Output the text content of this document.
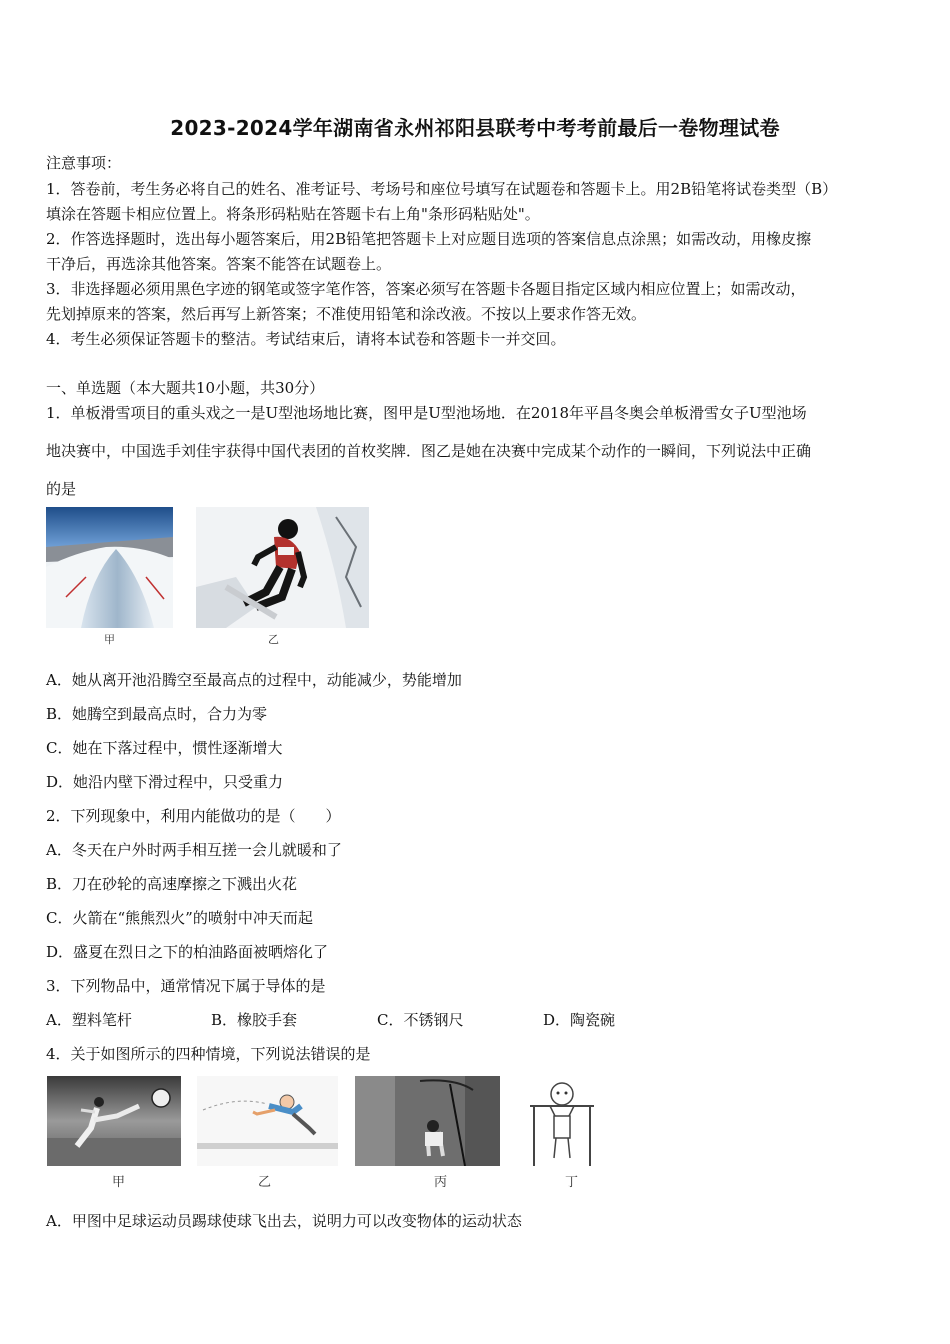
2023-2024学年湖南省永州祁阳县联考中考考前最后一卷物理试卷
注意事项：
1．答卷前，考生务必将自己的姓名、准考证号、考场号和座位号填写在试题卷和答题卡上。用2B铅笔将试卷类型（B）
填涂在答题卡相应位置上。将条形码粘贴在答题卡右上角"条形码粘贴处"。
2．作答选择题时，选出每小题答案后，用2B铅笔把答题卡上对应题目选项的答案信息点涂黑；如需改动，用橡皮擦
干净后，再选涂其他答案。答案不能答在试题卷上。
3．非选择题必须用黑色字迹的钢笔或签字笔作答，答案必须写在答题卡各题目指定区域内相应位置上；如需改动，
先划掉原来的答案，然后再写上新答案；不准使用铅笔和涂改液。不按以上要求作答无效。
4．考生必须保证答题卡的整洁。考试结束后，请将本试卷和答题卡一并交回。
一、单选题（本大题共10小题，共30分）
1．单板滑雪项目的重头戏之一是U型池场地比赛，图甲是U型池场地．在2018年平昌冬奥会单板滑雪女子U型池场
地决赛中，中国选手刘佳宇获得中国代表团的首枚奖牌．图乙是她在决赛中完成某个动作的一瞬间，下列说法中正确
的是
甲	乙
A．她从离开池沿腾空至最高点的过程中，动能减少，势能增加
B．她腾空到最高点时，合力为零
C．她在下落过程中，惯性逐渐增大
D．她沿内壁下滑过程中，只受重力
2．下列现象中，利用内能做功的是（　　）
A．冬天在户外时两手相互搓一会儿就暖和了
B．刀在砂轮的高速摩擦之下溅出火花
C．火箭在“熊熊烈火”的喷射中冲天而起
D．盛夏在烈日之下的柏油路面被晒熔化了
3．下列物品中，通常情况下属于导体的是
A．塑料笔杆	B．橡胶手套	C．不锈钢尺	D．陶瓷碗
4．关于如图所示的四种情境，下列说法错误的是
甲	乙	丙	丁
A．甲图中足球运动员踢球使球飞出去，说明力可以改变物体的运动状态
